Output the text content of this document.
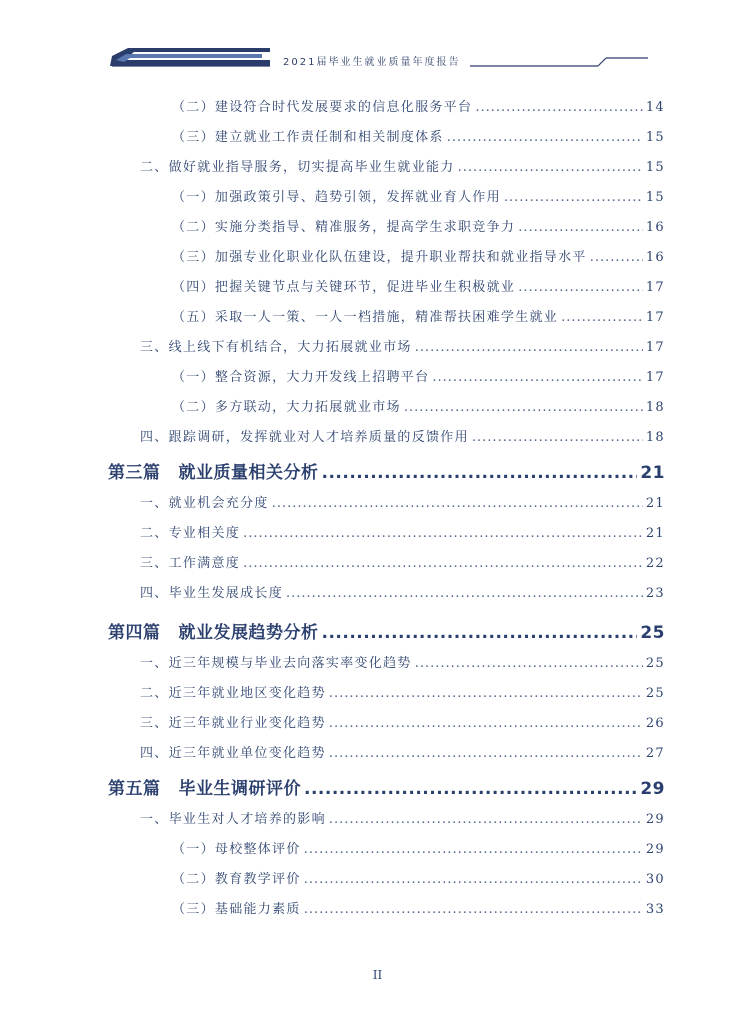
2021届毕业生就业质量年度报告
（二）建设符合时代发展要求的信息化服务平台 .....	14
（三）建立就业工作责任制和相关制度体系 .....	15
二、做好就业指导服务，切实提高毕业生就业能力 .....	15
（一）加强政策引导、趋势引领，发挥就业育人作用 .....	15
（二）实施分类指导、精准服务，提高学生求职竞争力 .....	16
（三）加强专业化职业化队伍建设，提升职业帮扶和就业指导水平 .....	16
（四）把握关键节点与关键环节，促进毕业生积极就业 .....	17
（五）采取一人一策、一人一档措施，精准帮扶困难学生就业 .....	17
三、线上线下有机结合，大力拓展就业市场 .....	17
（一）整合资源，大力开发线上招聘平台 .....	17
（二）多方联动，大力拓展就业市场 .....	18
四、跟踪调研，发挥就业对人才培养质量的反馈作用 .....	18
第三篇 就业质量相关分析 .....	21
一、就业机会充分度 .....	21
二、专业相关度 .....	21
三、工作满意度 .....	22
四、毕业生发展成长度 .....	23
第四篇 就业发展趋势分析 .....	25
一、近三年规模与毕业去向落实率变化趋势 .....	25
二、近三年就业地区变化趋势 .....	25
三、近三年就业行业变化趋势 .....	26
四、近三年就业单位变化趋势 .....	27
第五篇 毕业生调研评价 .....	29
一、毕业生对人才培养的影响 .....	29
（一）母校整体评价 .....	29
（二）教育教学评价 .....	30
（三）基础能力素质 .....	33
II
